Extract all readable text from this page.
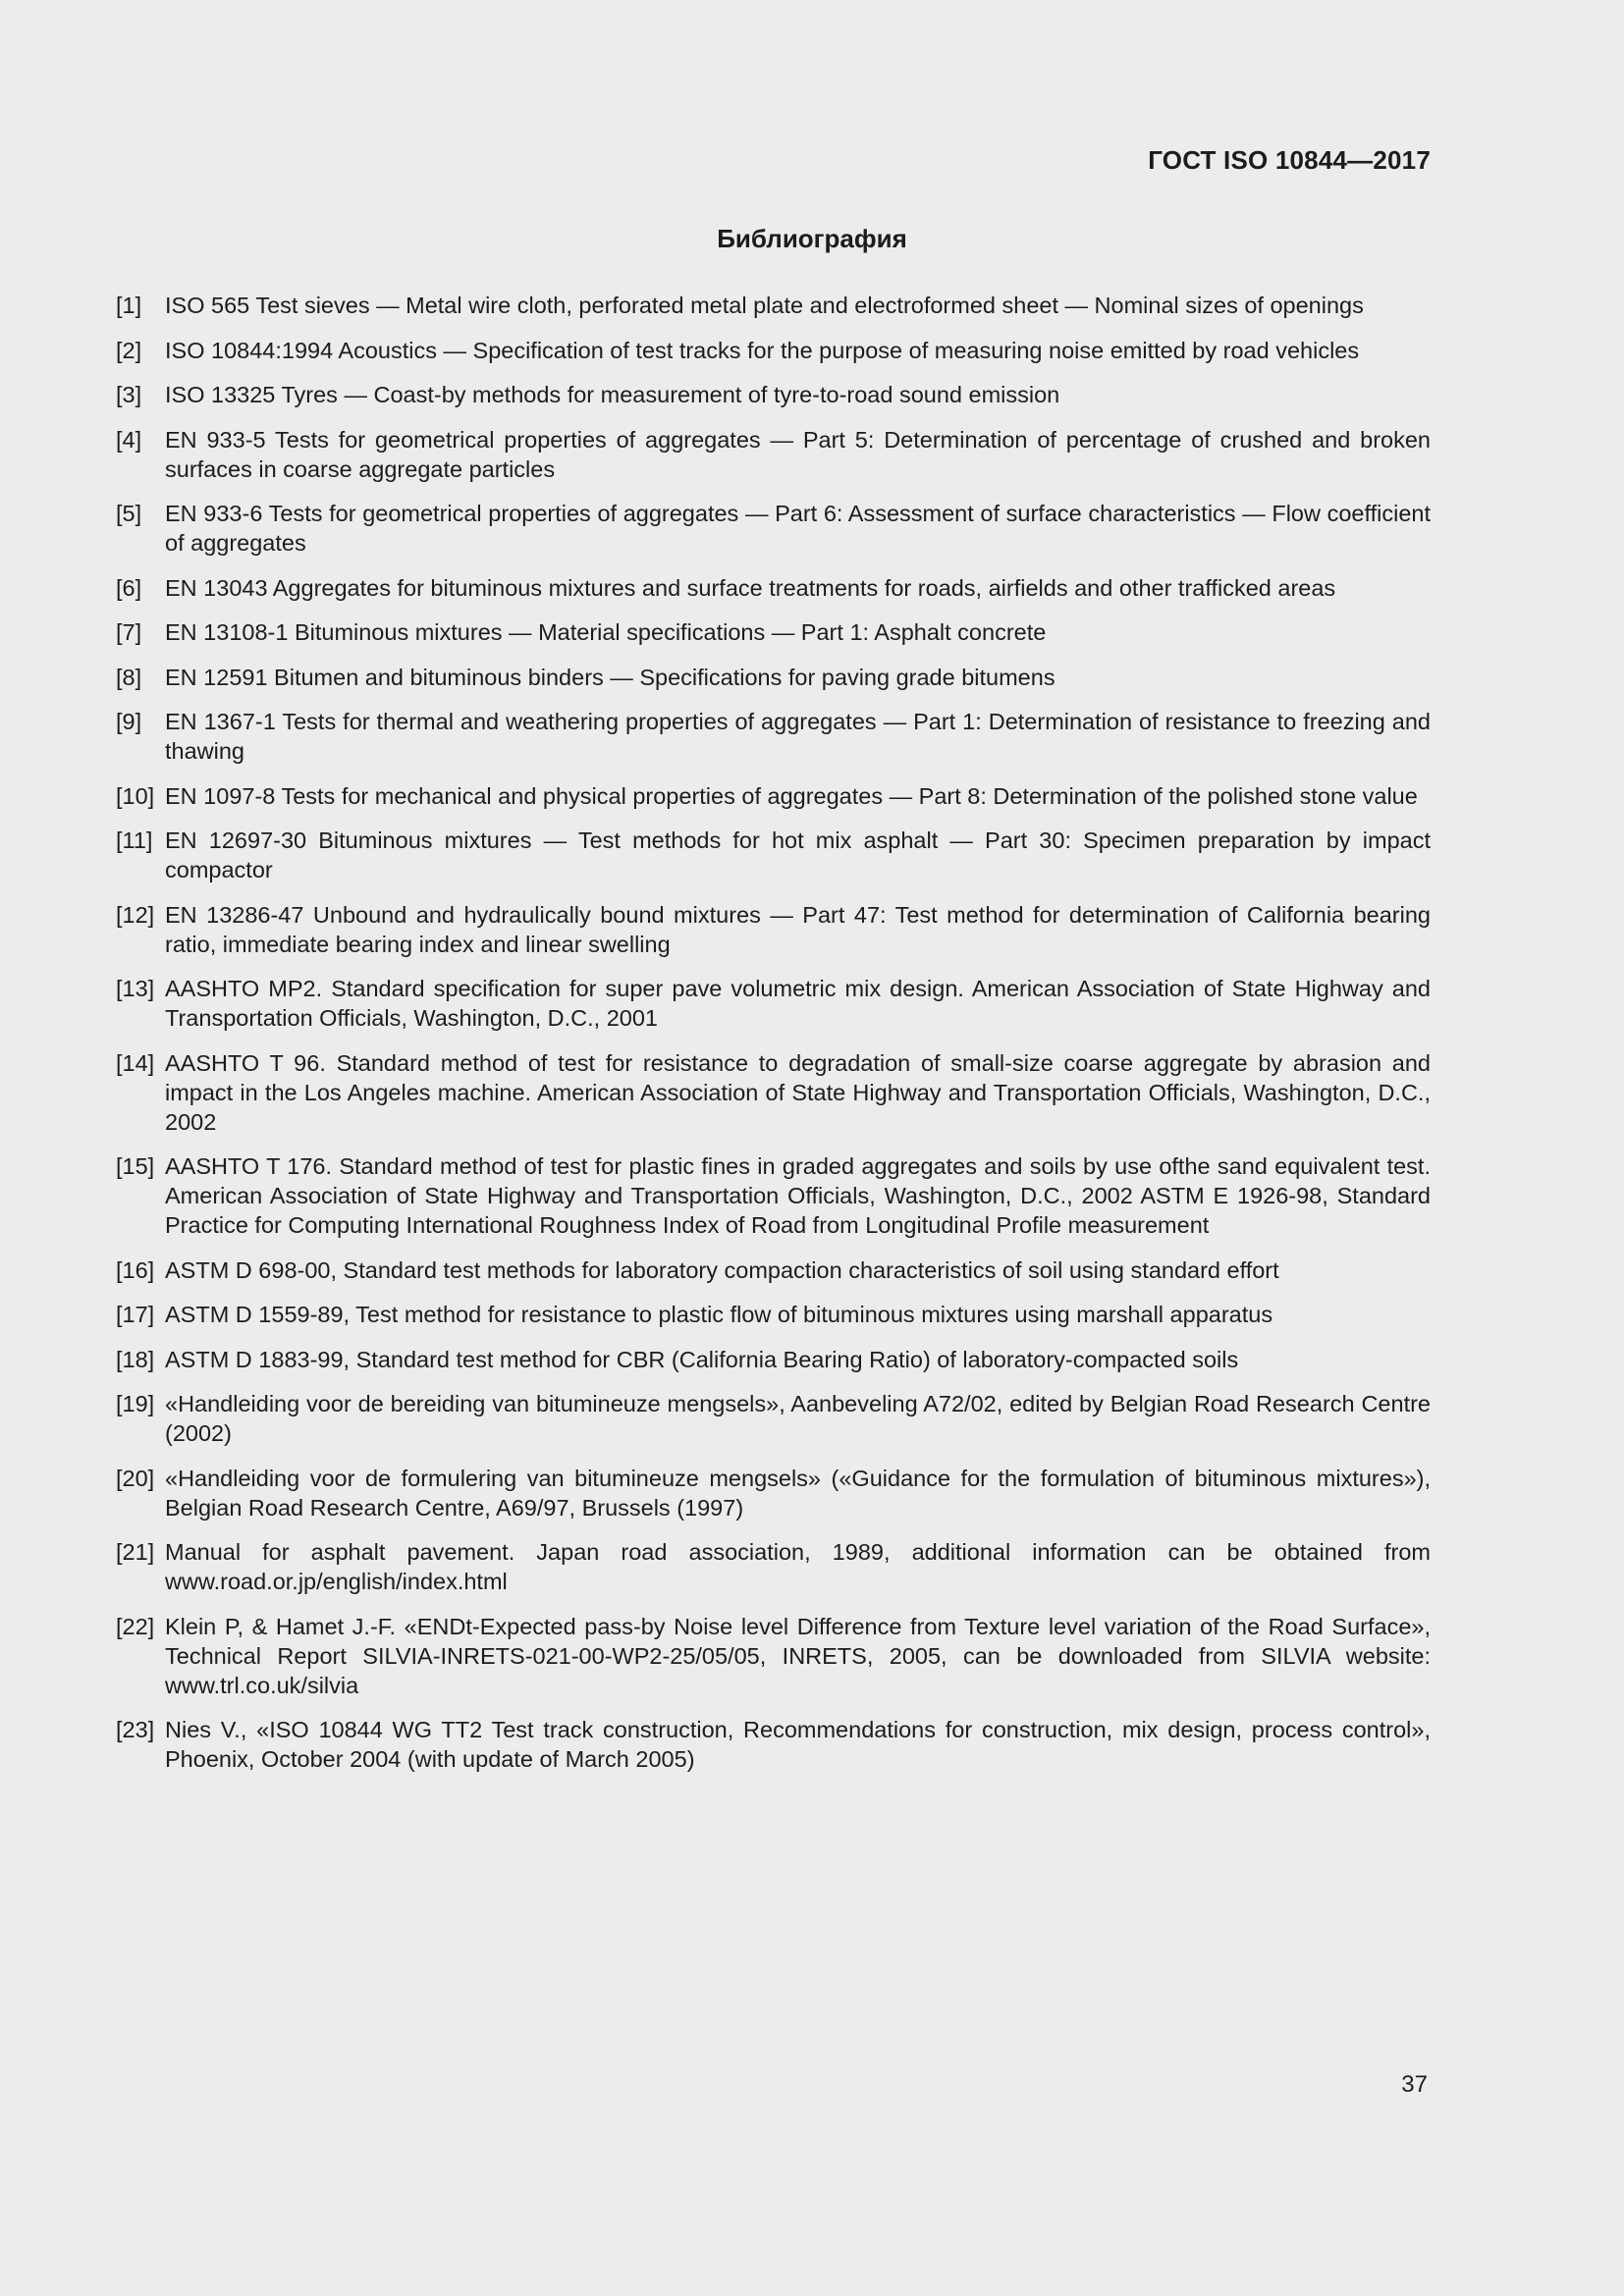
ГОСТ ISO 10844—2017
Библиография
[1]	ISO 565 Test sieves — Metal wire cloth, perforated metal plate and electroformed sheet — Nominal sizes of openings
[2]	ISO 10844:1994 Acoustics — Specification of test tracks for the purpose of measuring noise emitted by road vehicles
[3]	ISO 13325 Tyres — Coast-by methods for measurement of tyre-to-road sound emission
[4]	EN 933-5 Tests for geometrical properties of aggregates — Part 5: Determination of percentage of crushed and broken surfaces in coarse aggregate particles
[5]	EN 933-6 Tests for geometrical properties of aggregates — Part 6: Assessment of surface characteristics — Flow coefficient of aggregates
[6]	EN 13043 Aggregates for bituminous mixtures and surface treatments for roads, airfields and other trafficked areas
[7]	EN 13108-1 Bituminous mixtures — Material specifications — Part 1: Asphalt concrete
[8]	EN 12591 Bitumen and bituminous binders — Specifications for paving grade bitumens
[9]	EN 1367-1 Tests for thermal and weathering properties of aggregates — Part 1: Determination of resistance to freezing and thawing
[10] EN 1097-8 Tests for mechanical and physical properties of aggregates — Part 8: Determination of the polished stone value
[11] EN 12697-30 Bituminous mixtures — Test methods for hot mix asphalt — Part 30: Specimen preparation by impact compactor
[12] EN 13286-47 Unbound and hydraulically bound mixtures — Part 47: Test method for determination of California bearing ratio, immediate bearing index and linear swelling
[13] AASHTO MP2. Standard specification for super pave volumetric mix design. American Association of State Highway and Transportation Officials, Washington, D.C., 2001
[14] AASHTO T 96. Standard method of test for resistance to degradation of small-size coarse aggregate by abrasion and impact in the Los Angeles machine. American Association of State Highway and Transportation Officials, Washington, D.C., 2002
[15] AASHTO T 176. Standard method of test for plastic fines in graded aggregates and soils by use ofthe sand equivalent test. American Association of State Highway and Transportation Officials, Washington, D.C., 2002 ASTM E 1926-98, Standard Practice for Computing International Roughness Index of Road from Longitudinal Profile measurement
[16] ASTM D 698-00, Standard test methods for laboratory compaction characteristics of soil using standard effort
[17] ASTM D 1559-89, Test method for resistance to plastic flow of bituminous mixtures using marshall apparatus
[18] ASTM D 1883-99, Standard test method for CBR (California Bearing Ratio) of laboratory-compacted soils
[19] «Handleiding voor de bereiding van bitumineuze mengsels», Aanbeveling A72/02, edited by Belgian Road Research Centre (2002)
[20] «Handleiding voor de formulering van bitumineuze mengsels» («Guidance for the formulation of bituminous mixtures»), Belgian Road Research Centre, A69/97, Brussels (1997)
[21] Manual for asphalt pavement. Japan road association, 1989, additional information can be obtained from www.road.or.jp/english/index.html
[22] Klein P, & Hamet J.-F. «ENDt-Expected pass-by Noise level Difference from Texture level variation of the Road Surface», Technical Report SILVIA-INRETS-021-00-WP2-25/05/05, INRETS, 2005, can be downloaded from SILVIA website: www.trl.co.uk/silvia
[23] Nies V., «ISO 10844 WG TT2 Test track construction, Recommendations for construction, mix design, process control», Phoenix, October 2004 (with update of March 2005)
37
